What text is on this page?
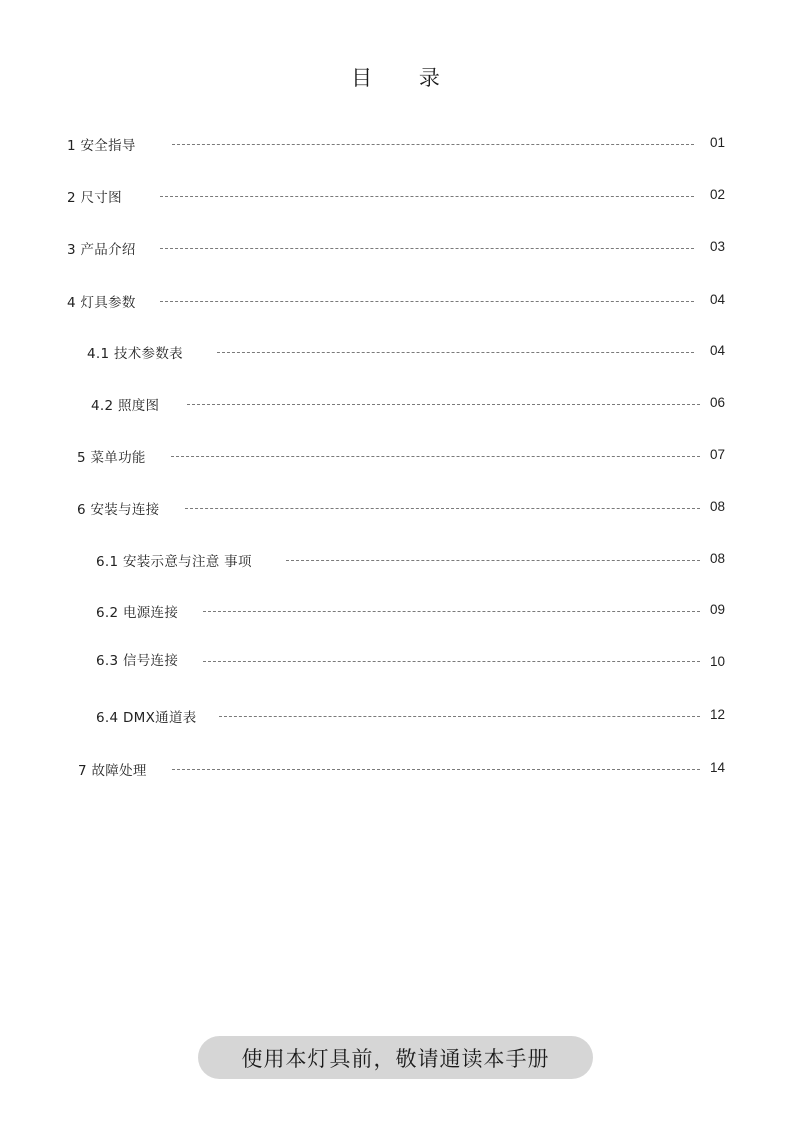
目 录
1 安全指导	01
2 尺寸图	02
3 产品介绍	03
4 灯具参数	04
4.1 技术参数表	04
4.2 照度图	06
5 菜单功能	07
6 安装与连接	08
6.1 安装示意与注意 事项	08
6.2 电源连接	09
6.3 信号连接	10
6.4 DMX通道表	12
7 故障处理	14
使用本灯具前，敬请通读本手册
